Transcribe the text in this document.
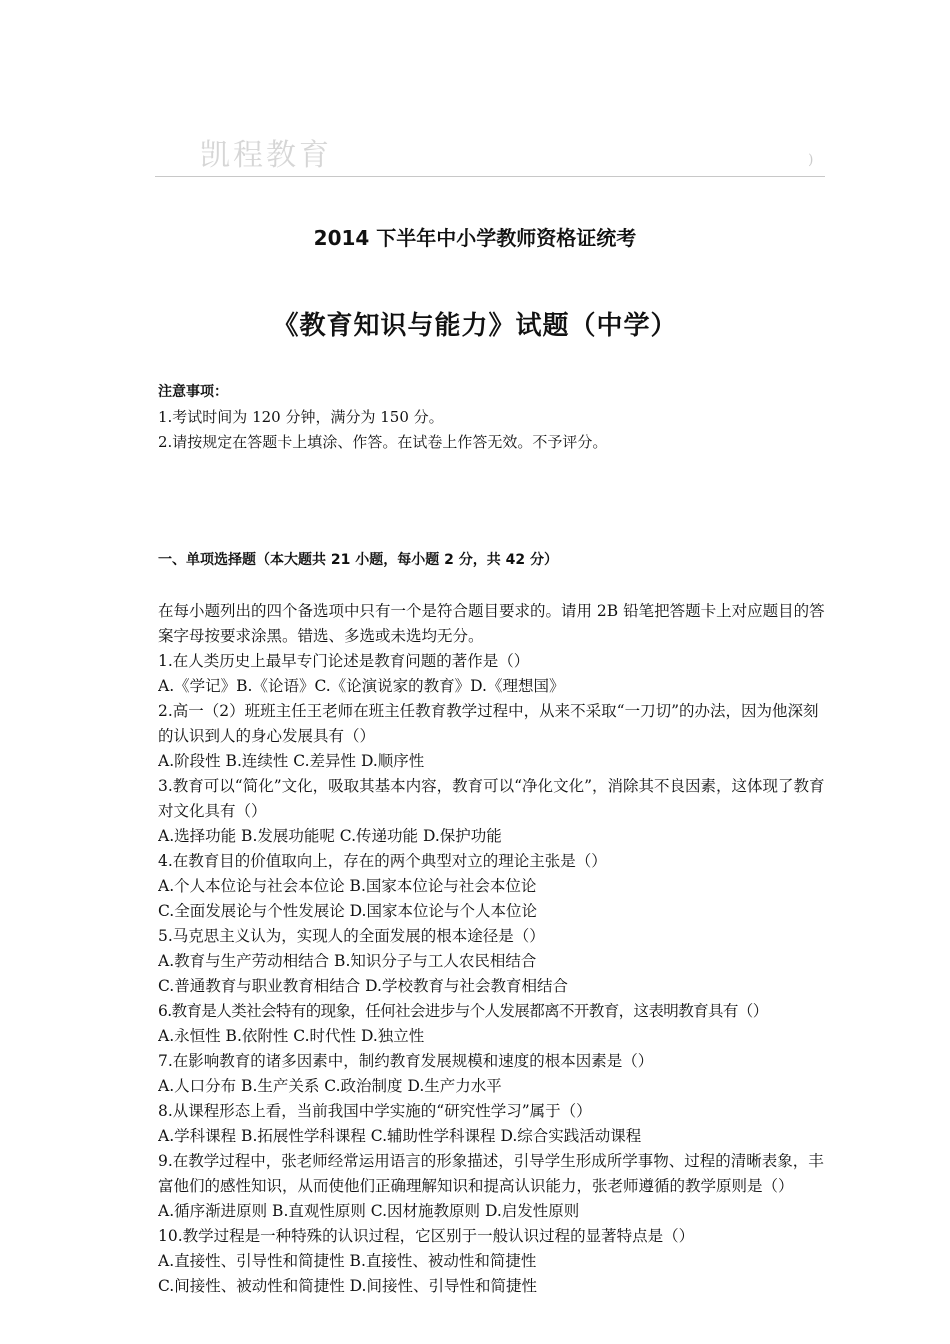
凯程教育	)
2014 下半年中小学教师资格证统考
《教育知识与能力》试题（中学）
注意事项：
1.考试时间为 120 分钟，满分为 150 分。
2.请按规定在答题卡上填涂、作答。在试卷上作答无效。不予评分。
一、单项选择题（本大题共 21 小题，每小题 2 分，共 42 分）

在每小题列出的四个备选项中只有一个是符合题目要求的。请用 2B 铅笔把答题卡上对应题目的答案字母按要求涂黑。错选、多选或未选均无分。

1.在人类历史上最早专门论述是教育问题的著作是（）

A.《学记》B.《论语》C.《论演说家的教育》D.《理想国》

2.高一（2）班班主任王老师在班主任教育教学过程中，从来不采取“一刀切”的办法，因为他深刻的认识到人的身心发展具有（）

A.阶段性 B.连续性 C.差异性 D.顺序性

3.教育可以“简化”文化，吸取其基本内容，教育可以“净化文化”，消除其不良因素，这体现了教育对文化具有（）

A.选择功能 B.发展功能呢 C.传递功能 D.保护功能

4.在教育目的价值取向上，存在的两个典型对立的理论主张是（）

A.个人本位论与社会本位论 B.国家本位论与社会本位论

C.全面发展论与个性发展论 D.国家本位论与个人本位论

5.马克思主义认为，实现人的全面发展的根本途径是（）

A.教育与生产劳动相结合 B.知识分子与工人农民相结合

C.普通教育与职业教育相结合 D.学校教育与社会教育相结合

6.教育是人类社会特有的现象，任何社会进步与个人发展都离不开教育，这表明教育具有（）

A.永恒性 B.依附性 C.时代性 D.独立性

7.在影响教育的诸多因素中，制约教育发展规模和速度的根本因素是（）

A.人口分布 B.生产关系 C.政治制度 D.生产力水平

8.从课程形态上看，当前我国中学实施的“研究性学习”属于（）

A.学科课程 B.拓展性学科课程 C.辅助性学科课程 D.综合实践活动课程

9.在教学过程中，张老师经常运用语言的形象描述，引导学生形成所学事物、过程的清晰表象，丰富他们的感性知识，从而使他们正确理解知识和提高认识能力，张老师遵循的教学原则是（）

A.循序渐进原则 B.直观性原则 C.因材施教原则 D.启发性原则

10.教学过程是一种特殊的认识过程，它区别于一般认识过程的显著特点是（）

A.直接性、引导性和简捷性 B.直接性、被动性和简捷性

C.间接性、被动性和简捷性 D.间接性、引导性和简捷性
